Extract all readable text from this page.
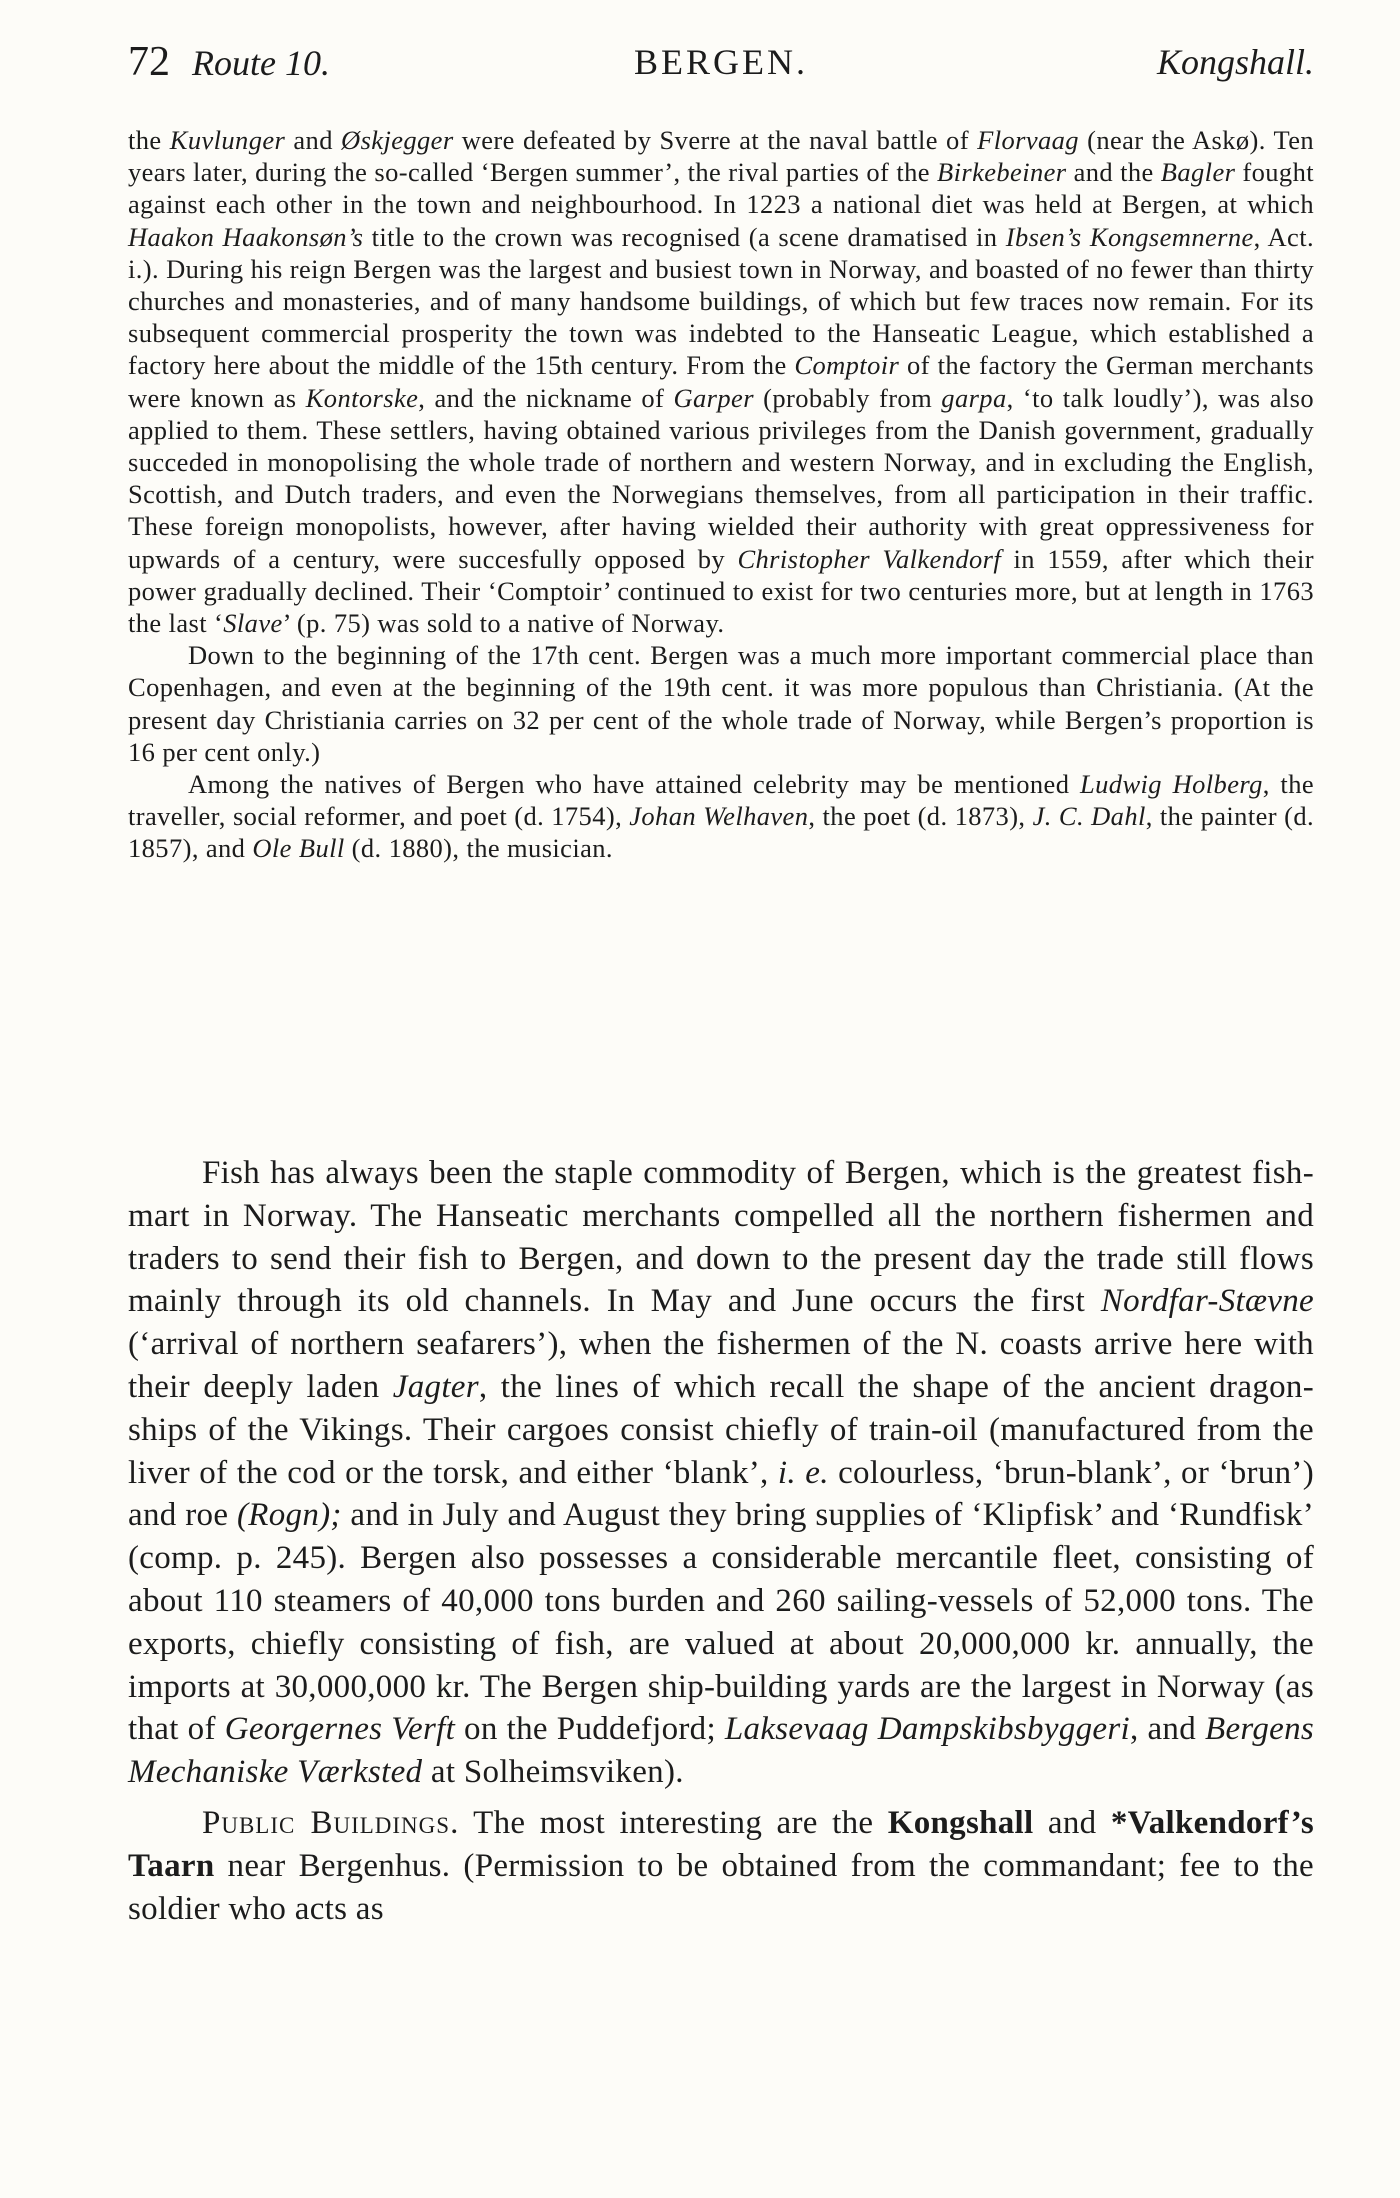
72 Route 10.	BERGEN.	Kongshall.

the Kuvlunger and Øskjegger were defeated by Sverre at the naval battle of Florvaag (near the Askø). Ten years later, during the so-called ‘Bergen summer’, the rival parties of the Birkebeiner and the Bagler fought against each other in the town and neighbourhood. In 1223 a national diet was held at Bergen, at which Haakon Haakonsøn’s title to the crown was recognised (a scene dramatised in Ibsen’s Kongsemnerne, Act. i.). During his reign Bergen was the largest and busiest town in Norway, and boasted of no fewer than thirty churches and monasteries, and of many handsome buildings, of which but few traces now remain. For its subsequent commercial prosperity the town was indebted to the Hanseatic League, which established a factory here about the middle of the 15th century. From the Comptoir of the factory the German merchants were known as Kontorske, and the nickname of Garper (probably from garpa, ‘to talk loudly’), was also applied to them. These settlers, having obtained various privileges from the Danish government, gradually succeded in monopolising the whole trade of northern and western Norway, and in excluding the English, Scottish, and Dutch traders, and even the Norwegians themselves, from all participation in their traffic. These foreign monopolists, however, after having wielded their authority with great oppressiveness for upwards of a century, were succesfully opposed by Christopher Valkendorf in 1559, after which their power gradually declined. Their ‘Comptoir’ continued to exist for two centuries more, but at length in 1763 the last ‘Slave’ (p. 75) was sold to a native of Norway.

Down to the beginning of the 17th cent. Bergen was a much more important commercial place than Copenhagen, and even at the beginning of the 19th cent. it was more populous than Christiania. (At the present day Christiania carries on 32 per cent of the whole trade of Norway, while Bergen’s proportion is 16 per cent only.)

Among the natives of Bergen who have attained celebrity may be mentioned Ludwig Holberg, the traveller, social reformer, and poet (d. 1754), Johan Welhaven, the poet (d. 1873), J. C. Dahl, the painter (d. 1857), and Ole Bull (d. 1880), the musician.

Fish has always been the staple commodity of Bergen, which is the greatest fish-mart in Norway. The Hanseatic merchants compelled all the northern fishermen and traders to send their fish to Bergen, and down to the present day the trade still flows mainly through its old channels. In May and June occurs the first Nordfar-Stævne (‘arrival of northern seafarers’), when the fishermen of the N. coasts arrive here with their deeply laden Jagter, the lines of which recall the shape of the ancient dragon-ships of the Vikings. Their cargoes consist chiefly of train-oil (manufactured from the liver of the cod or the torsk, and either ‘blank’, i. e. colourless, ‘brun-blank’, or ‘brun’) and roe (Rogn); and in July and August they bring supplies of ‘Klipfisk’ and ‘Rundfisk’ (comp. p. 245). Bergen also possesses a considerable mercantile fleet, consisting of about 110 steamers of 40,000 tons burden and 260 sailing-vessels of 52,000 tons. The exports, chiefly consisting of fish, are valued at about 20,000,000 kr. annually, the imports at 30,000,000 kr. The Bergen ship-building yards are the largest in Norway (as that of Georgernes Verft on the Puddefjord; Laksevaag Dampskibsbyggeri, and Bergens Mechaniske Værksted at Solheimsviken).

Public Buildings. The most interesting are the Kongshall and *Valkendorf’s Taarn near Bergenhus. (Permission to be obtained from the commandant; fee to the soldier who acts as
